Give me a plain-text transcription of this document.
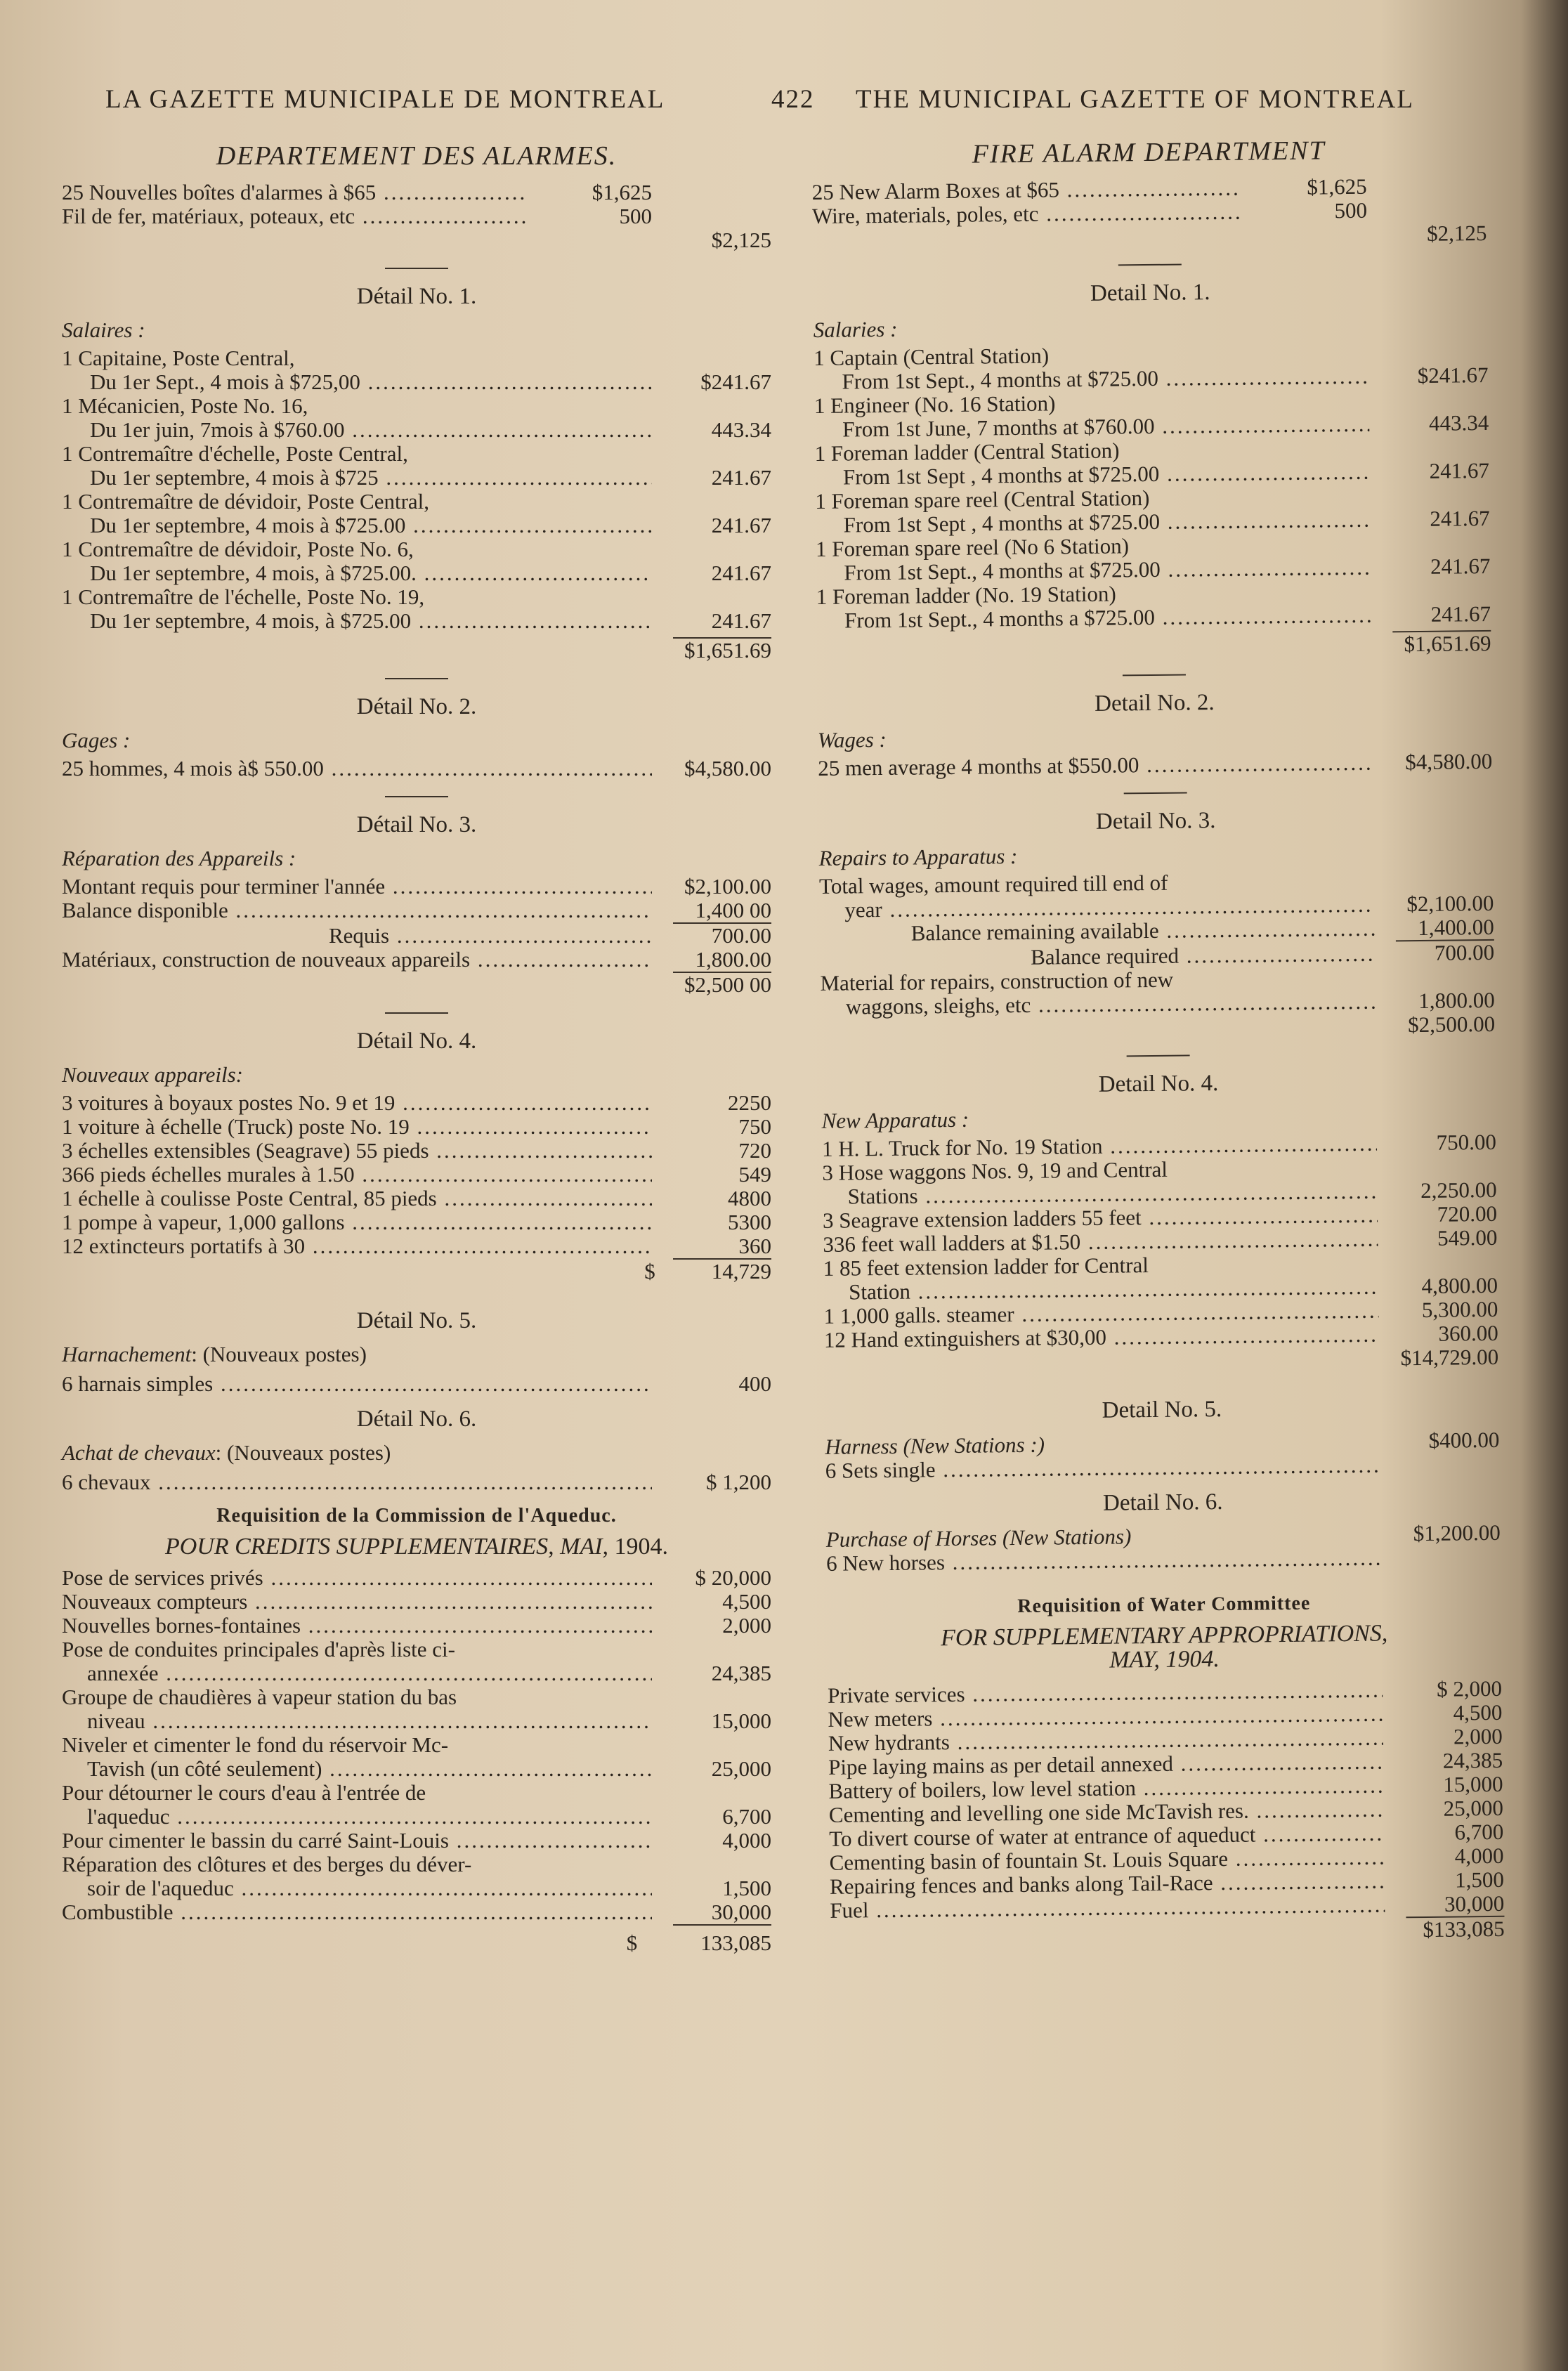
LA GAZETTE MUNICIPALE DE MONTREAL	422 THE MUNICIPAL GAZETTE OF MONTREAL
DEPARTEMENT DES ALARMES.
25 Nouvelles boîtes d'alarmes à $65 .....	$1,625
Fil de fer, matériaux, poteaux, etc .....	500
$2,125
Détail No. 1.
Salaires :
1 Capitaine, Poste Central,
Du 1er Sept., 4 mois à $725,00 .....	$241.67
1 Mécanicien, Poste No. 16,
Du 1er juin, 7mois à $760.00 .....	443.34
1 Contremaître d'échelle, Poste Central,
Du 1er septembre, 4 mois à $725 .....	241.67
1 Contremaître de dévidoir, Poste Central,
Du 1er septembre, 4 mois à $725.00 .....	241.67
1 Contremaître de dévidoir, Poste No. 6,
Du 1er septembre, 4 mois, à $725.00. .....	241.67
1 Contremaître de l'échelle, Poste No. 19,
Du 1er septembre, 4 mois, à $725.00 .....	241.67
$1,651.69
Détail No. 2.
Gages :
25 hommes, 4 mois à$ 550.00 .....	$4,580.00
Détail No. 3.
Réparation des Appareils :
Montant requis pour terminer l'année .....	$2,100.00
Balance disponible .....	1,400 00
Requis .....	700.00
Matériaux, construction de nouveaux appareils .....	1,800.00
$2,500 00
Détail No. 4.
Nouveaux appareils:
3 voitures à boyaux postes No. 9 et 19 .....	2250
1 voiture à échelle (Truck) poste No. 19 .....	750
3 échelles extensibles (Seagrave) 55 pieds .....	720
366 pieds échelles murales à 1.50 .....	549
1 échelle à coulisse Poste Central, 85 pieds .....	4800
1 pompe à vapeur, 1,000 gallons .....	5300
12 extincteurs portatifs à 30 .....	360
$	14,729
Détail No. 5.
Harnachement: (Nouveaux postes)
6 harnais simples .....	400
Détail No. 6.
Achat de chevaux: (Nouveaux postes)
6 chevaux .....	$ 1,200
Requisition de la Commission de l'Aqueduc.
POUR CREDITS SUPPLEMENTAIRES, MAI, 1904.
Pose de services privés .....	$ 20,000
Nouveaux compteurs .....	4,500
Nouvelles bornes-fontaines .....	2,000
Pose de conduites principales d'après liste ci-
annexée .....	24,385
Groupe de chaudières à vapeur station du bas
niveau .....	15,000
Niveler et cimenter le fond du réservoir Mc-
Tavish (un côté seulement) .....	25,000
Pour détourner le cours d'eau à l'entrée de
l'aqueduc .....	6,700
Pour cimenter le bassin du carré Saint-Louis .....	4,000
Réparation des clôtures et des berges du déver-
soir de l'aqueduc .....	1,500
Combustible .....	30,000
$	133,085
FIRE ALARM DEPARTMENT
25 New Alarm Boxes at $65 .....	$1,625
Wire, materials, poles, etc .....	500
$2,125
Detail No. 1.
Salaries :
1 Captain (Central Station)
From 1st Sept., 4 months at $725.00 .....	$241.67
1 Engineer (No. 16 Station)
From 1st June, 7 months at $760.00 .....	443.34
1 Foreman ladder (Central Station)
From 1st Sept , 4 months at $725.00 .....	241.67
1 Foreman spare reel (Central Station)
From 1st Sept , 4 months at $725.00 .....	241.67
1 Foreman spare reel (No 6 Station)
From 1st Sept., 4 months at $725.00 .....	241.67
1 Foreman ladder (No. 19 Station)
From 1st Sept., 4 months a $725.00 .....	241.67
$1,651.69
Detail No. 2.
Wages :
25 men average 4 months at $550.00 .....	$4,580.00
Detail No. 3.
Repairs to Apparatus :
Total wages, amount required till end of
year .....	$2,100.00
Balance remaining available .....	1,400.00
Balance required .....	700.00
Material for repairs, construction of new
waggons, sleighs, etc .....	1,800.00
$2,500.00
Detail No. 4.
New Apparatus :
1 H. L. Truck for No. 19 Station .....	750.00
3 Hose waggons Nos. 9, 19 and Central
Stations .....	2,250.00
3 Seagrave extension ladders 55 feet .....	720.00
336 feet wall ladders at $1.50 .....	549.00
1 85 feet extension ladder for Central
Station .....	4,800.00
1 1,000 galls. steamer .....	5,300.00
12 Hand extinguishers at $30,00 .....	360.00
$14,729.00
Detail No. 5.
Harness (New Stations :)	$400.00
6 Sets single .....
Detail No. 6.
Purchase of Horses (New Stations)	$1,200.00
6 New horses .....
Requisition of Water Committee
FOR SUPPLEMENTARY APPROPRIATIONS,
MAY, 1904.
Private services .....	$ 2,000
New meters .....	4,500
New hydrants .....	2,000
Pipe laying mains as per detail annexed .....	24,385
Battery of boilers, low level station .....	15,000
Cementing and levelling one side McTavish res. .....	25,000
To divert course of water at entrance of aqueduct .....	6,700
Cementing basin of fountain St. Louis Square .....	4,000
Repairing fences and banks along Tail-Race .....	1,500
Fuel .....	30,000
$133,085
